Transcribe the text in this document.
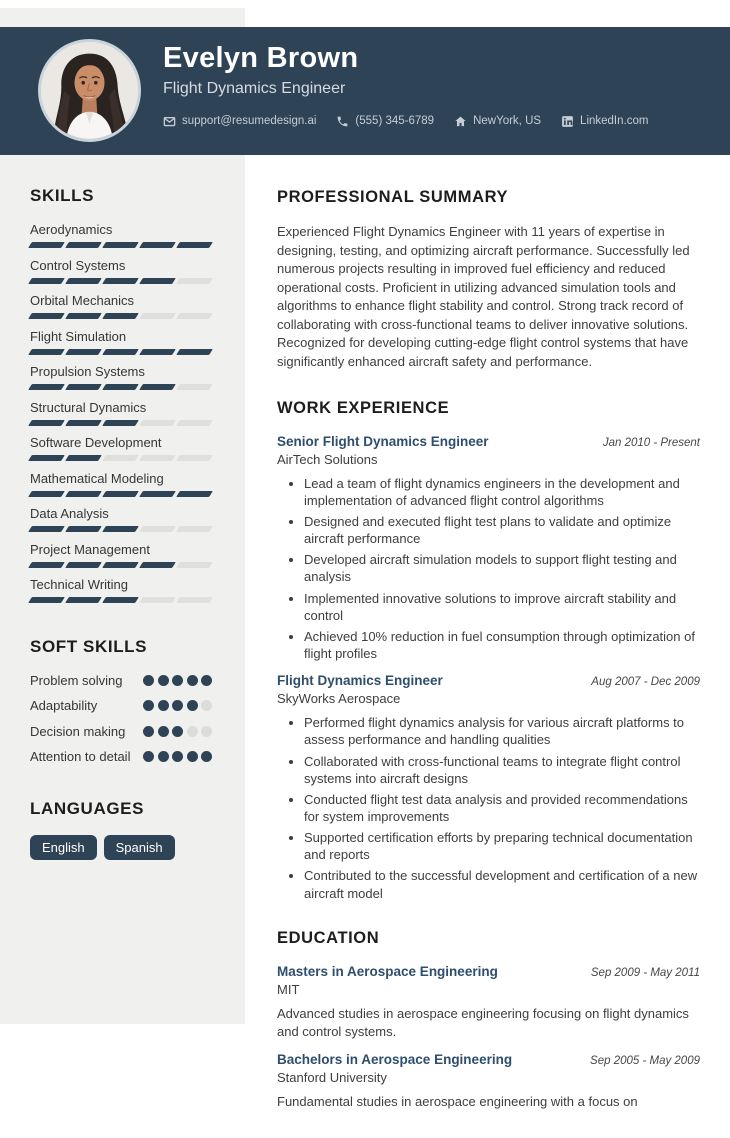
Evelyn Brown
Flight Dynamics Engineer
support@resumedesign.ai	(555) 345-6789	NewYork, US	LinkedIn.com
SKILLS
Aerodynamics
Control Systems
Orbital Mechanics
Flight Simulation
Propulsion Systems
Structural Dynamics
Software Development
Mathematical Modeling
Data Analysis
Project Management
Technical Writing
SOFT SKILLS
Problem solving
Adaptability
Decision making
Attention to detail
LANGUAGES
English	Spanish
PROFESSIONAL SUMMARY

Experienced Flight Dynamics Engineer with 11 years of expertise in designing, testing, and optimizing aircraft performance. Successfully led numerous projects resulting in improved fuel efficiency and reduced operational costs. Proficient in utilizing advanced simulation tools and algorithms to enhance flight stability and control. Strong track record of collaborating with cross-functional teams to deliver innovative solutions. Recognized for developing cutting-edge flight control systems that have significantly enhanced aircraft safety and performance.

WORK EXPERIENCE
Senior Flight Dynamics Engineer	Jan 2010 - Present
AirTech Solutions
• Lead a team of flight dynamics engineers in the development and implementation of advanced flight control algorithms
• Designed and executed flight test plans to validate and optimize aircraft performance
• Developed aircraft simulation models to support flight testing and analysis
• Implemented innovative solutions to improve aircraft stability and control
• Achieved 10% reduction in fuel consumption through optimization of flight profiles
Flight Dynamics Engineer	Aug 2007 - Dec 2009
SkyWorks Aerospace
• Performed flight dynamics analysis for various aircraft platforms to assess performance and handling qualities
• Collaborated with cross-functional teams to integrate flight control systems into aircraft designs
• Conducted flight test data analysis and provided recommendations for system improvements
• Supported certification efforts by preparing technical documentation and reports
• Contributed to the successful development and certification of a new aircraft model
EDUCATION
Masters in Aerospace Engineering	Sep 2009 - May 2011
MIT

Advanced studies in aerospace engineering focusing on flight dynamics and control systems.

Bachelors in Aerospace Engineering	Sep 2005 - May 2009
Stanford University

Fundamental studies in aerospace engineering with a focus on
